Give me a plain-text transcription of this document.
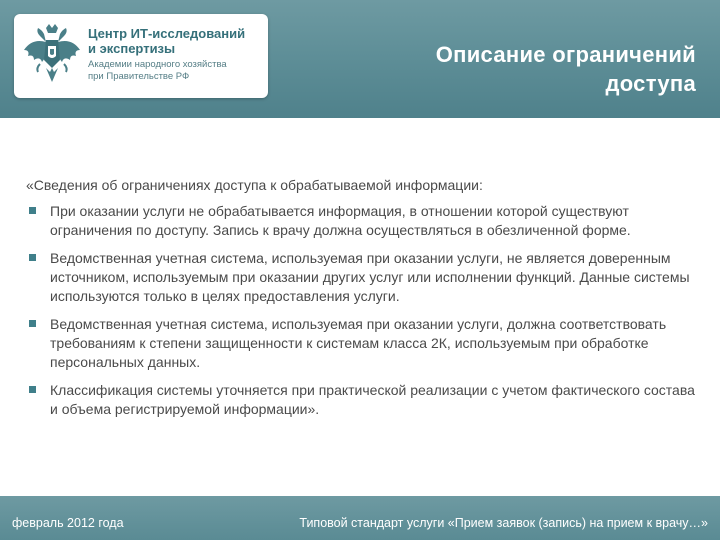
Центр ИТ-исследований
и экспертизы
Академии народного хозяйства
при Правительстве РФ
Описание ограничений
доступа

«Сведения об ограничениях доступа к обрабатываемой информации:

При оказании услуги не обрабатывается информация, в отношении которой существуют ограничения по доступу. Запись к врачу должна осуществляться в обезличенной форме.
Ведомственная учетная система, используемая при оказании услуги, не является доверенным источником, используемым при оказании других услуг или исполнении функций. Данные системы используются только в целях предоставления услуги.
Ведомственная учетная система, используемая при оказании услуги, должна соответствовать требованиям к степени защищенности к системам класса 2К, используемым при обработке персональных данных.
Классификация системы уточняется при практической реализации с учетом фактического состава и объема регистрируемой информации».
февраль 2012 года	Типовой стандарт услуги «Прием заявок (запись) на прием к врачу…»
